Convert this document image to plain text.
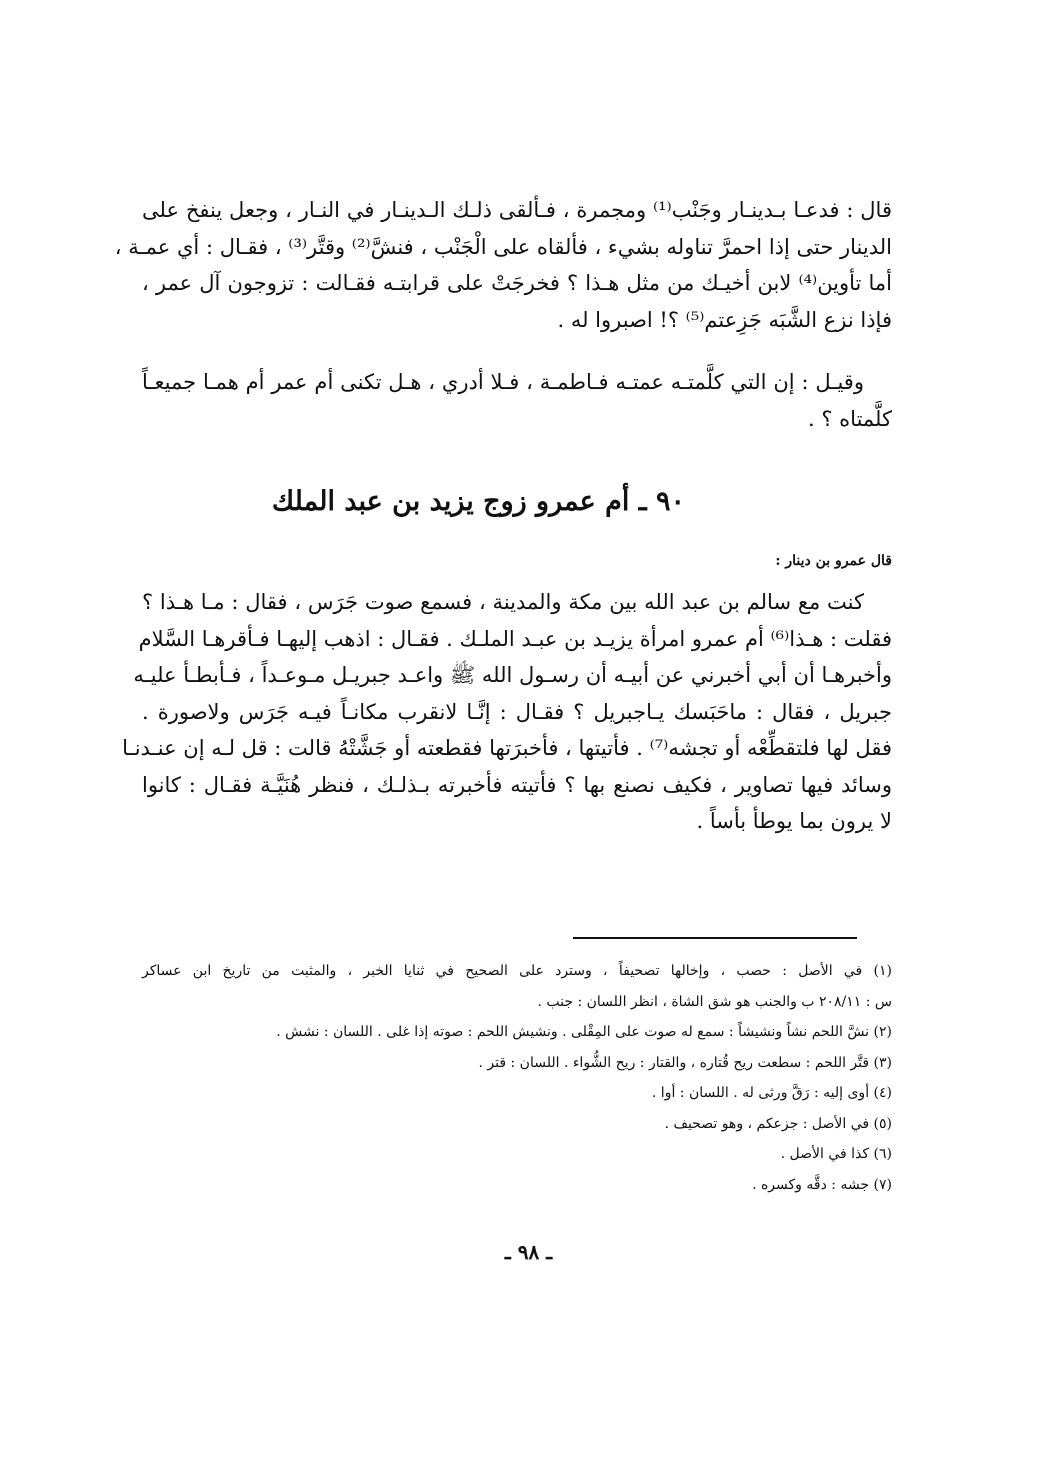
قال : فدعـا بـدينـار وجَنْب⁽¹⁾ ومجمرة ، فـألقى ذلـك الـدينـار في النـار ، وجعل ينفخ على
الدينار حتى إذا احمرَّ تناوله بشيء ، فألقاه على الْجَنْب ، فنشَّ⁽²⁾ وقتَّر⁽³⁾ ، فقـال : أي عمـة ،
أما تأوين⁽⁴⁾ لابن أخيـك من مثل هـذا ؟ فخرجَتْ على قرابتـه فقـالت : تزوجون آل عمر ،
فإذا نزع الشَّبَه جَزِعتم⁽⁵⁾ ؟! اصبروا له .
وقيـل : إن التي كلَّمتـه عمتـه فـاطمـة ، فـلا أدري ، هـل تكنى أم عمر أم همـا جميعـاً
كلَّمتاه ؟ .
٩٠ ـ أم عمرو زوج يزيد بن عبد الملك
قال عمرو بن دينار :
كنت مع سالم بن عبد الله بين مكة والمدينة ، فسمع صوت جَرَس ، فقال : مـا هـذا ؟
فقلت : هـذا⁽⁶⁾ أم عمرو امرأة يزيـد بن عبـد الملـك . فقـال : اذهب إليهـا فـأقرهـا السَّلام
وأخبرهـا أن أبي أخبرني عن أبيـه أن رسـول الله ﷺ واعـد جبريـل مـوعـداً ، فـأبطـأ عليـه
جبريل ، فقال : ماحَبَسك يـاجبريل ؟ فقـال : إنَّـا لانقرب مكانـاً فيـه جَرَس ولاصورة .
فقل لها فلتقطِّعْه أو تجشه⁽⁷⁾ . فأتيتها ، فأخبرَتها فقطعته أو جَشَّتْهُ قالت : قل لـه إن عنـدنـا
وسائد فيها تصاوير ، فكيف نصنع بها ؟ فأتيته فأخبرته بـذلـك ، فنظر هُنَيَّـة فقـال : كانوا
لا يرون بما يوطأ بأساً .
(١) في الأصل : حصب ، وإخالها تصحيفاً ، وسترد على الصحيح في ثنايا الخبر ، والمثبت من تاريخ ابن عساكر
س : ٢٠٨/١١ ب والجنب هو شق الشاة ، انظر اللسان : جنب .
(٢) نشَّ اللحم نشاً ونشيشاً : سمع له صوت على المِقْلى . ونشيش اللحم : صوته إذا غلى . اللسان : نشش .
(٣) قتَّر اللحم : سطعت ريح قُتاره ، والقتار : ريح الشُّواء . اللسان : قتر .
(٤) أوى إليه : رَقَّ ورثى له . اللسان : أوا .
(٥) في الأصل : جزعكم ، وهو تصحيف .
(٦) كذا في الأصل .
(٧) جشه : دقَّه وكسره .
ـ ٩٨ ـ
